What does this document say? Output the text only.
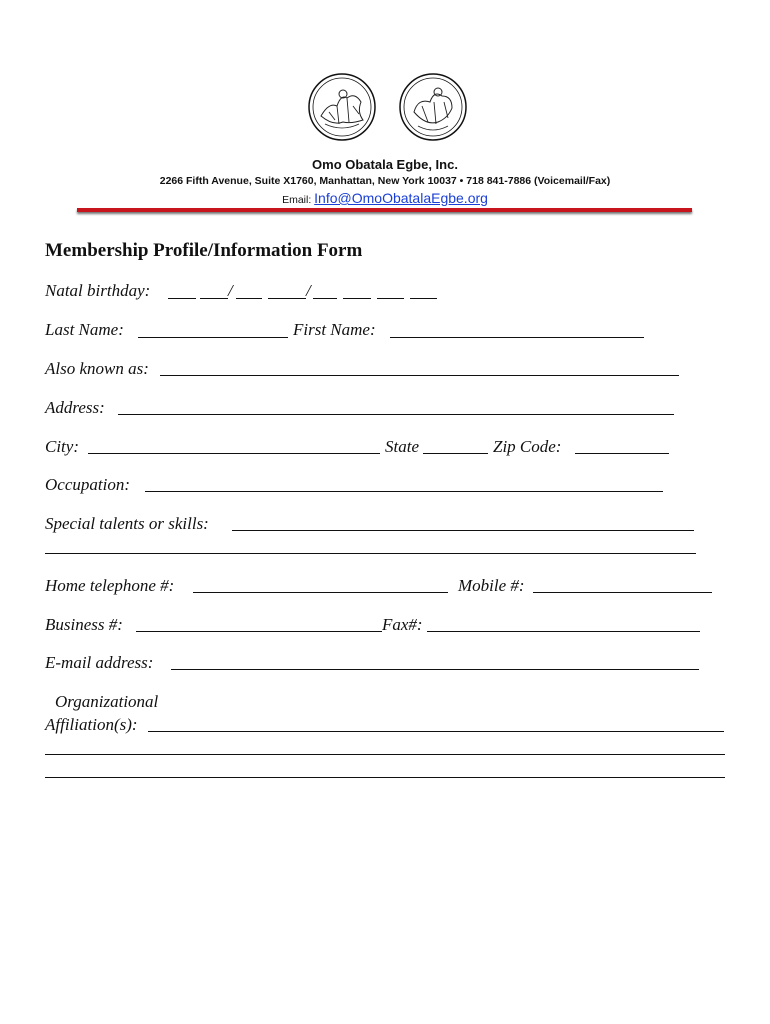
Omo Obatala Egbe, Inc.
2266 Fifth Avenue, Suite X1760, Manhattan, New York 10037 • 718 841-7886 (Voicemail/Fax)
Email: Info@OmoObatalaEgbe.org
Membership Profile/Information Form
Natal birthday:	/	/
Last Name:	First Name:
Also known as:
Address:
City:	State	Zip Code:
Occupation:
Special talents or skills:
Home telephone #:	Mobile #:
Business #:	Fax#:
E-mail address:
Organizational
Affiliation(s):
